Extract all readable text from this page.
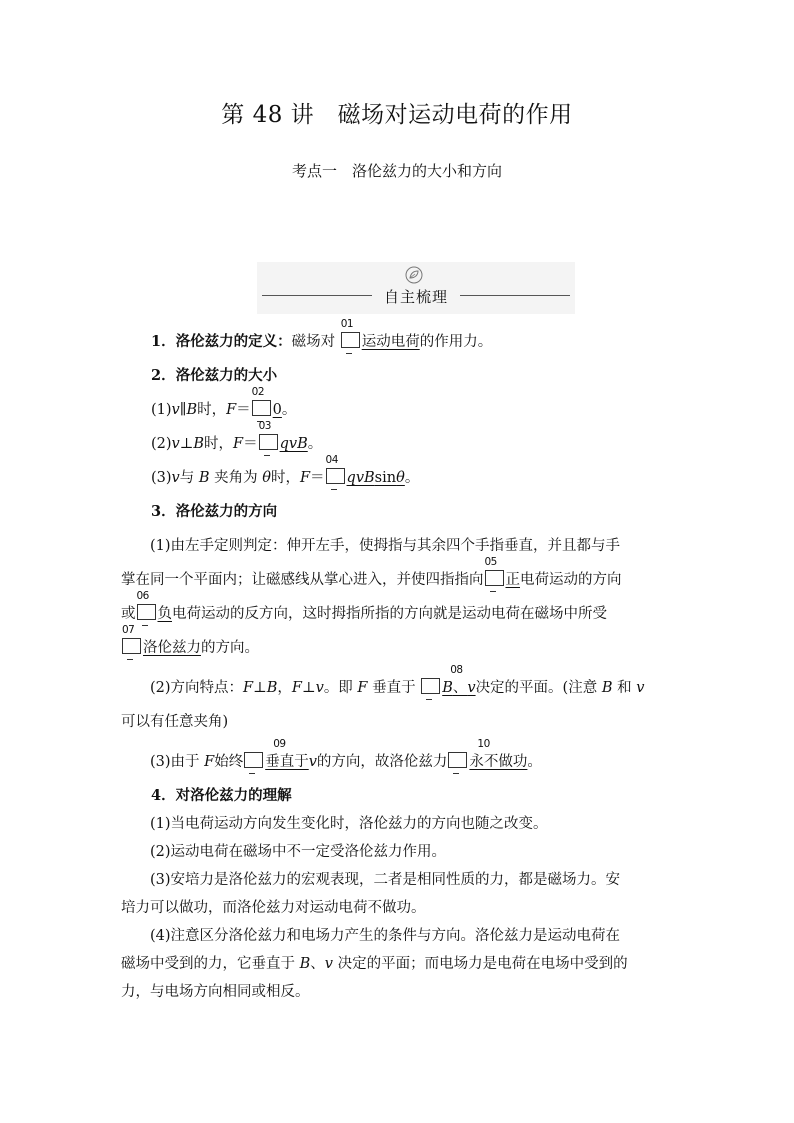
第 48 讲　磁场对运动电荷的作用
考点一　洛伦兹力的大小和方向
自主梳理
1．洛伦兹力的定义：磁场对
01
运动电荷的作用力。
2．洛伦兹力的大小
(1)v∥B时，F＝
02
0。
(2)v⊥B时，F＝
03
qvB。
(3)v与 B 夹角为 θ时，F＝
04
qvBsinθ。
3．洛伦兹力的方向
(1)由左手定则判定：伸开左手，使拇指与其余四个手指垂直，并且都与手
掌在同一个平面内；让磁感线从掌心进入，并使四指指向
05
正电荷运动的方向
或
06
负电荷运动的反方向，这时拇指所指的方向就是运动电荷在磁场中所受
07
洛伦兹力的方向。
(2)方向特点：F⊥B，F⊥v。即 F 垂直于
08
B、v决定的平面。(注意 B 和 v
可以有任意夹角)
(3)由于 F始终
09
垂直于v的方向，故洛伦兹力
10
永不做功。
4．对洛伦兹力的理解
(1)当电荷运动方向发生变化时，洛伦兹力的方向也随之改变。
(2)运动电荷在磁场中不一定受洛伦兹力作用。
(3)安培力是洛伦兹力的宏观表现，二者是相同性质的力，都是磁场力。安
培力可以做功，而洛伦兹力对运动电荷不做功。
(4)注意区分洛伦兹力和电场力产生的条件与方向。洛伦兹力是运动电荷在
磁场中受到的力，它垂直于 B、v 决定的平面；而电场力是电荷在电场中受到的
力，与电场方向相同或相反。
